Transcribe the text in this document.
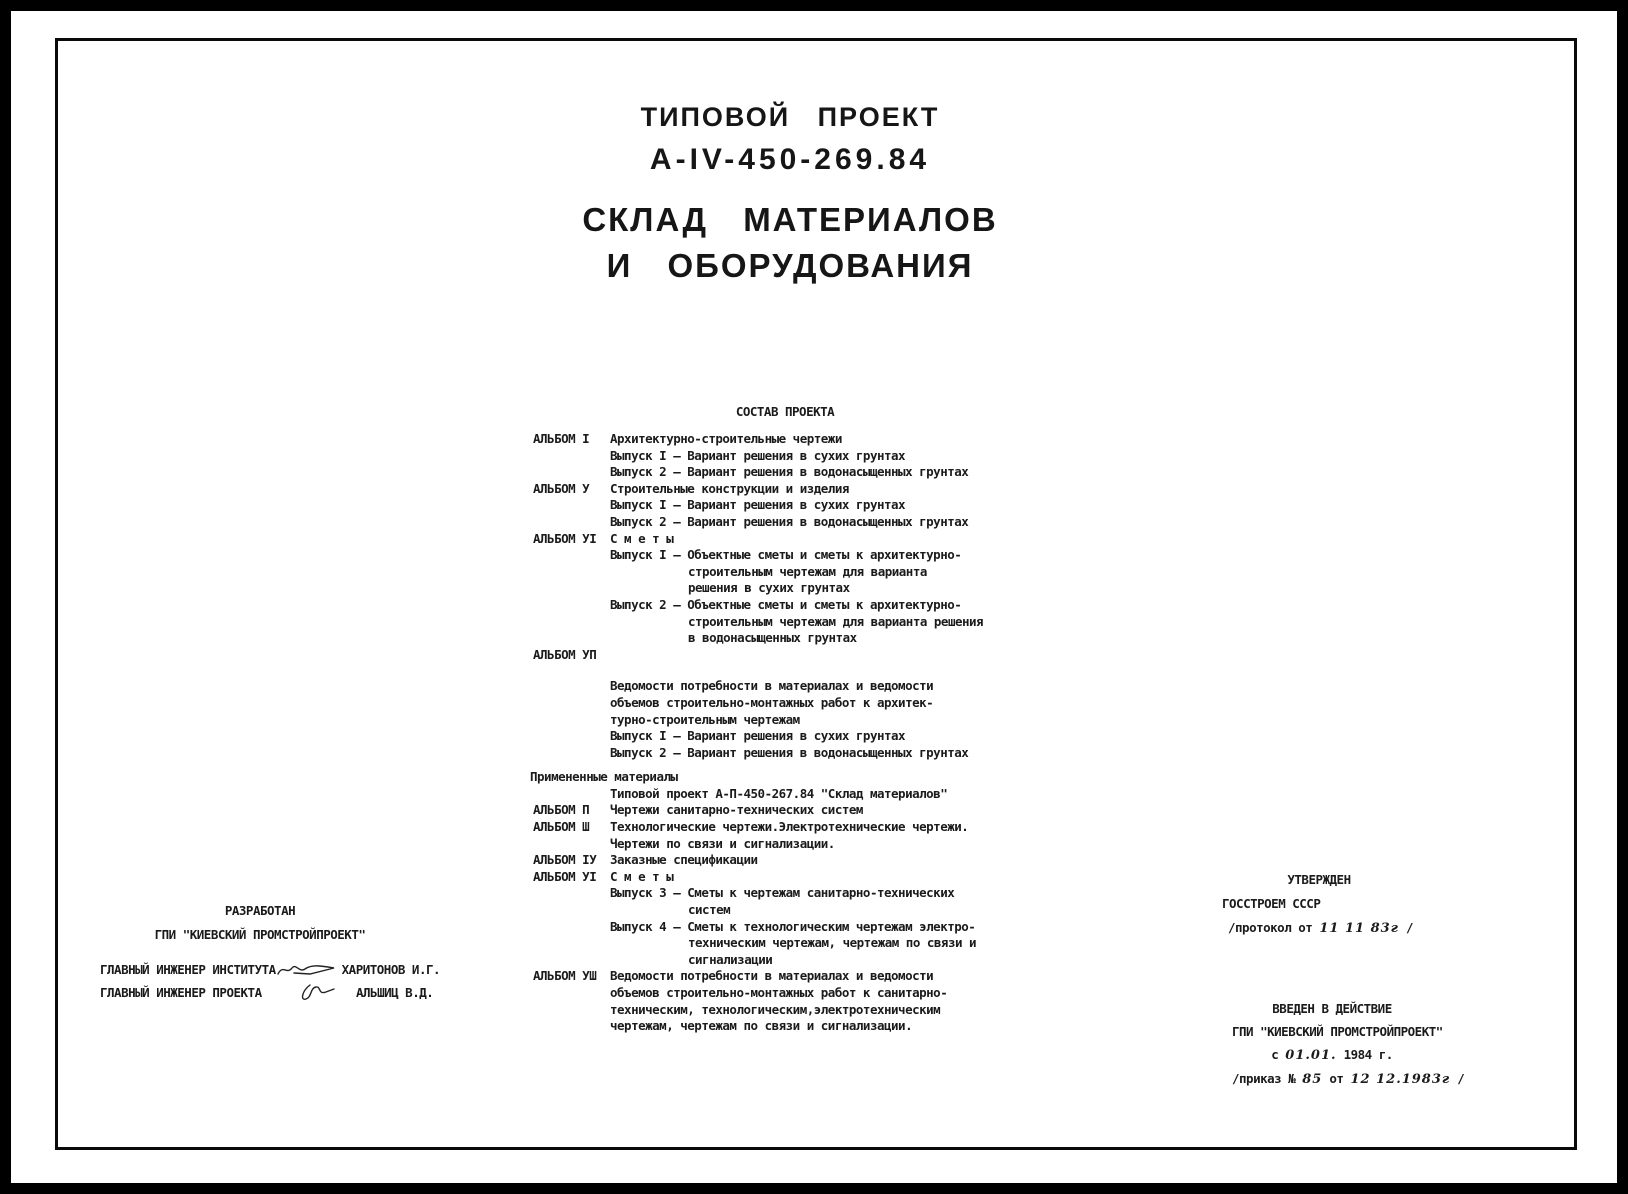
ТИПОВОЙ ПРОЕКТ
А-IV-450-269.84
СКЛАД МАТЕРИАЛОВ
И ОБОРУДОВАНИЯ
СОСТАВ ПРОЕКТА
АЛЬБОМ I Архитектурно-строительные чертежи
Выпуск I – Вариант решения в сухих грунтах
Выпуск 2 – Вариант решения в водонасыщенных грунтах
АЛЬБОМ У Строительные конструкции и изделия
Выпуск I – Вариант решения в сухих грунтах
Выпуск 2 – Вариант решения в водонасыщенных грунтах
АЛЬБОМ УI С м е т ы
Выпуск I – Объектные сметы и сметы к архитектурно-
строительным чертежам для варианта
решения в сухих грунтах
Выпуск 2 – Объектные сметы и сметы к архитектурно-
строительным чертежам для варианта решения
в водонасыщенных грунтах
АЛЬБОМ УП
Ведомости потребности в материалах и ведомости
объемов строительно-монтажных работ к архитек-
турно-строительным чертежам
Выпуск I – Вариант решения в сухих грунтах
Выпуск 2 – Вариант решения в водонасыщенных грунтах
Примененные материалы
Типовой проект А-П-450-267.84 "Склад материалов"
АЛЬБОМ П Чертежи санитарно-технических систем
АЛЬБОМ Ш Технологические чертежи.Электротехнические чертежи.
Чертежи по связи и сигнализации.
АЛЬБОМ IУ Заказные спецификации
АЛЬБОМ УI С м е т ы
Выпуск 3 – Сметы к чертежам санитарно-технических
систем
Выпуск 4 – Сметы к технологическим чертежам электро-
техническим чертежам, чертежам по связи и
сигнализации
АЛЬБОМ УШ Ведомости потребности в материалах и ведомости
объемов строительно-монтажных работ к санитарно-
техническим, технологическим,электротехническим
чертежам, чертежам по связи и сигнализации.
РАЗРАБОТАН
ГПИ "КИЕВСКИЙ ПРОМСТРОЙПРОЕКТ"
ГЛАВНЫЙ ИНЖЕНЕР ИНСТИТУТА	ХАРИТОНОВ И.Г.
ГЛАВНЫЙ ИНЖЕНЕР ПРОЕКТА	АЛЬШИЦ В.Д.
УТВЕРЖДЕН
ГОССТРОЕМ СССР
/протокол от 11 11 83г /
ВВЕДЕН В ДЕЙСТВИЕ
ГПИ "КИЕВСКИЙ ПРОМСТРОЙПРОЕКТ"
с 01.01. 1984 г.
/приказ № 85 от 12 12.1983г /
